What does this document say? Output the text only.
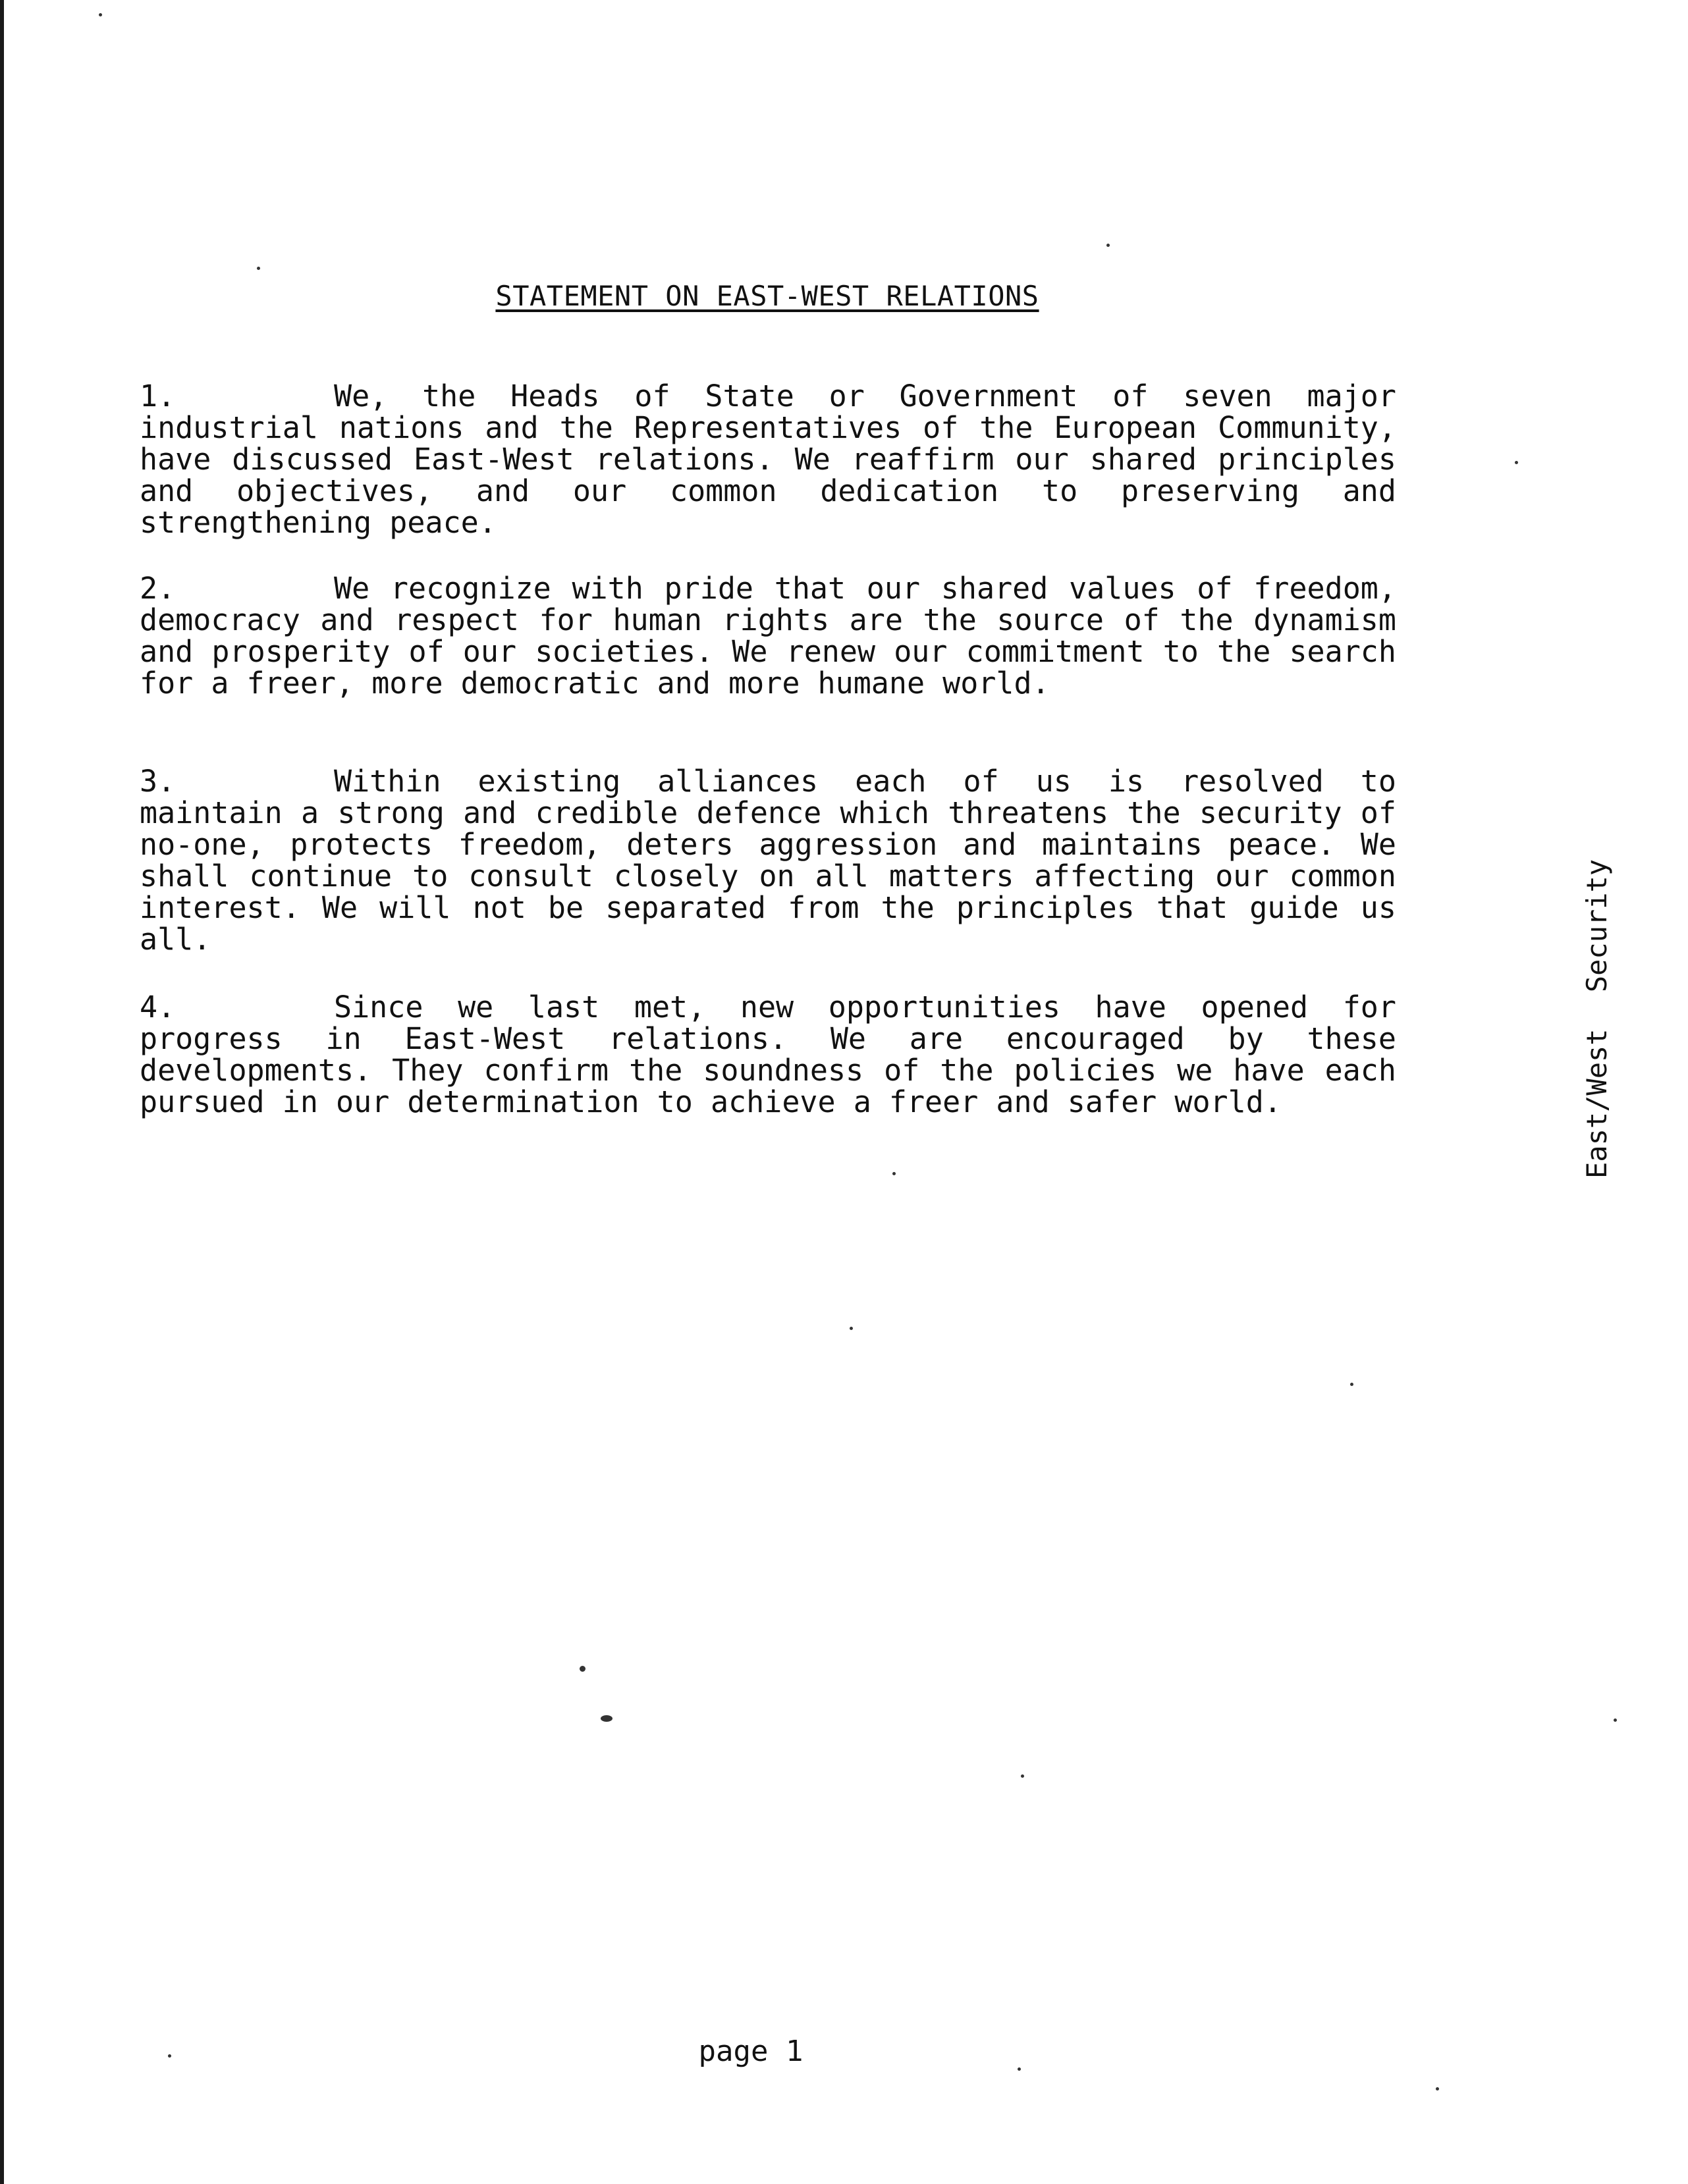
STATEMENT ON EAST-WEST RELATIONS
1.	We, the Heads of State or Government of seven major industrial nations and the Representatives of the European Community, have discussed East-West relations. We reaffirm our shared principles and objectives, and our common dedication to preserving and strengthening peace.
2.	We recognize with pride that our shared values of freedom, democracy and respect for human rights are the source of the dynamism and prosperity of our societies. We renew our commitment to the search for a freer, more democratic and more humane world.
3.	Within existing alliances each of us is resolved to maintain a strong and credible defence which threatens the security of no-one, protects freedom, deters aggression and maintains peace. We shall continue to consult closely on all matters affecting our common interest. We will not be separated from the principles that guide us all.
4.	Since we last met, new opportunities have opened for progress in East-West relations. We are encouraged by these developments. They confirm the soundness of the policies we have each pursued in our determination to achieve a freer and safer world.	East/West Security
page 1
